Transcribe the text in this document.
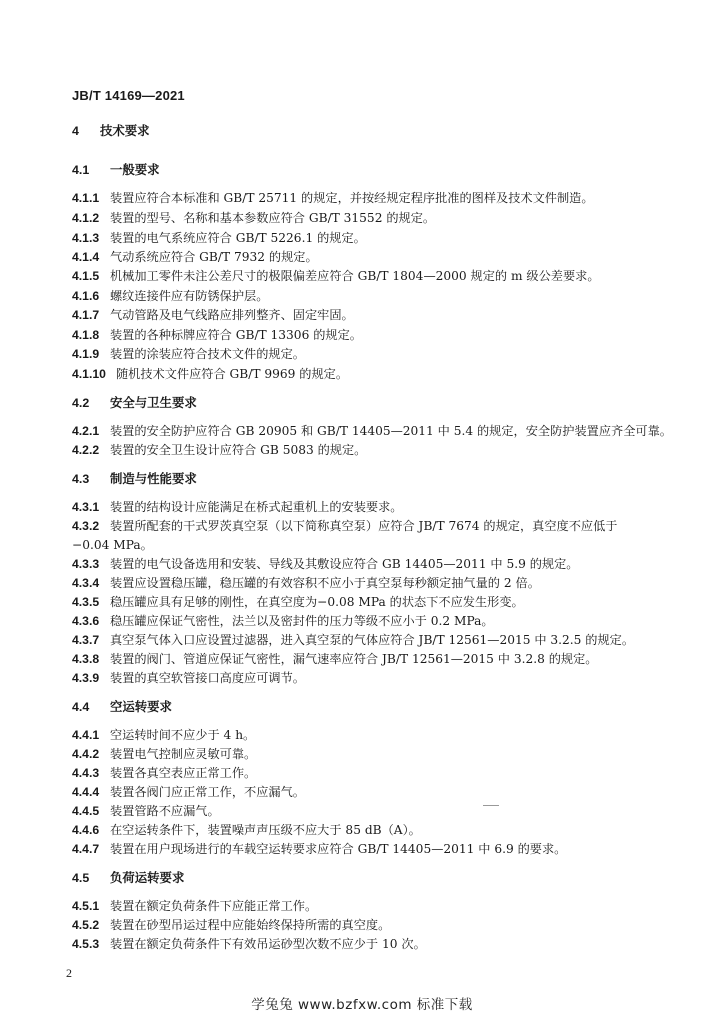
JB/T 14169—2021
4 技术要求
4.1 一般要求
4.1.1 装置应符合本标准和 GB/T 25711 的规定，并按经规定程序批准的图样及技术文件制造。
4.1.2 装置的型号、名称和基本参数应符合 GB/T 31552 的规定。
4.1.3 装置的电气系统应符合 GB/T 5226.1 的规定。
4.1.4 气动系统应符合 GB/T 7932 的规定。
4.1.5 机械加工零件未注公差尺寸的极限偏差应符合 GB/T 1804—2000 规定的 m 级公差要求。
4.1.6 螺纹连接件应有防锈保护层。
4.1.7 气动管路及电气线路应排列整齐、固定牢固。
4.1.8 装置的各种标牌应符合 GB/T 13306 的规定。
4.1.9 装置的涂装应符合技术文件的规定。
4.1.10 随机技术文件应符合 GB/T 9969 的规定。
4.2 安全与卫生要求
4.2.1 装置的安全防护应符合 GB 20905 和 GB/T 14405—2011 中 5.4 的规定，安全防护装置应齐全可靠。
4.2.2 装置的安全卫生设计应符合 GB 5083 的规定。
4.3 制造与性能要求
4.3.1 装置的结构设计应能满足在桥式起重机上的安装要求。
4.3.2 装置所配套的干式罗茨真空泵（以下简称真空泵）应符合 JB/T 7674 的规定，真空度不应低于
−0.04 MPa。
4.3.3 装置的电气设备选用和安装、导线及其敷设应符合 GB 14405—2011 中 5.9 的规定。
4.3.4 装置应设置稳压罐，稳压罐的有效容积不应小于真空泵每秒额定抽气量的 2 倍。
4.3.5 稳压罐应具有足够的刚性，在真空度为−0.08 MPa 的状态下不应发生形变。
4.3.6 稳压罐应保证气密性，法兰以及密封件的压力等级不应小于 0.2 MPa。
4.3.7 真空泵气体入口应设置过滤器，进入真空泵的气体应符合 JB/T 12561—2015 中 3.2.5 的规定。
4.3.8 装置的阀门、管道应保证气密性，漏气速率应符合 JB/T 12561—2015 中 3.2.8 的规定。
4.3.9 装置的真空软管接口高度应可调节。
4.4 空运转要求
4.4.1 空运转时间不应少于 4 h。
4.4.2 装置电气控制应灵敏可靠。
4.4.3 装置各真空表应正常工作。
4.4.4 装置各阀门应正常工作，不应漏气。
4.4.5 装置管路不应漏气。
4.4.6 在空运转条件下，装置噪声声压级不应大于 85 dB（A）。
4.4.7 装置在用户现场进行的车载空运转要求应符合 GB/T 14405—2011 中 6.9 的要求。
4.5 负荷运转要求
4.5.1 装置在额定负荷条件下应能正常工作。
4.5.2 装置在砂型吊运过程中应能始终保持所需的真空度。
4.5.3 装置在额定负荷条件下有效吊运砂型次数不应少于 10 次。
2
学兔兔 www.bzfxw.com 标准下载
